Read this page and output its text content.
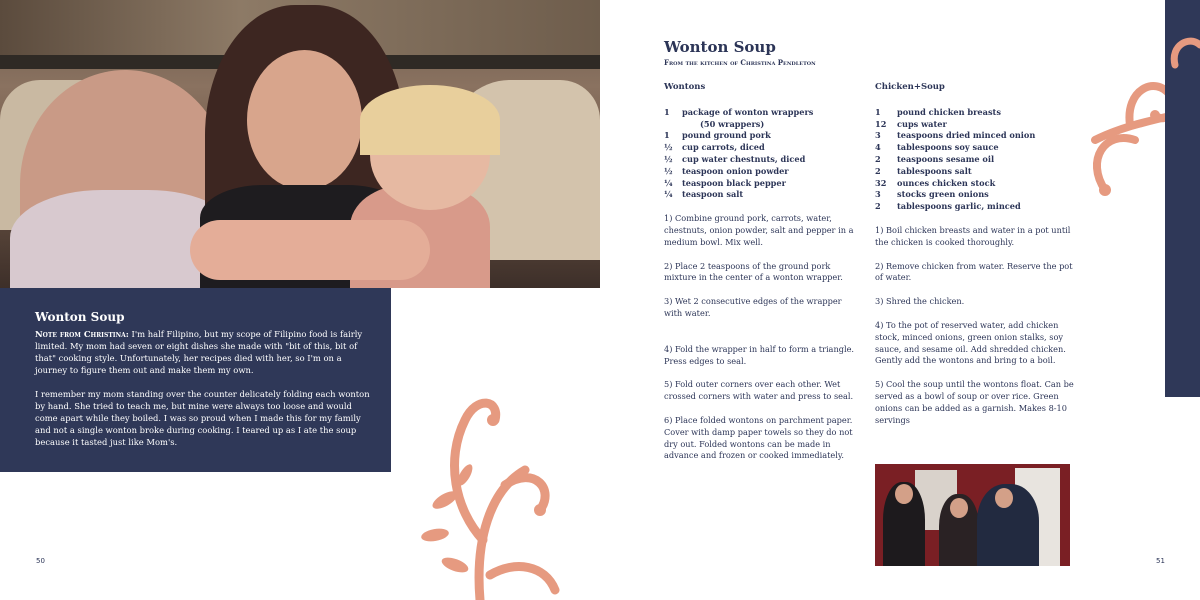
Wonton Soup

Note from Christina: I'm half Filipino, but my scope of Filipino food is fairly limited. My mom had seven or eight dishes she made with "bit of this, bit of that" cooking style. Unfortunately, her recipes died with her, so I'm on a journey to figure them out and make them my own.

I remember my mom standing over the counter delicately folding each wonton by hand. She tried to teach me, but mine were always too loose and would come apart while they boiled. I was so proud when I made this for my family and not a single wonton broke during cooking. I teared up as I ate the soup because it tasted just like Mom's.

50
Wonton Soup

From the kitchen of Christina Pendleton

Wontons
1	package of wonton wrappers
(50 wrappers)
1	pound ground pork
½	cup carrots, diced
½	cup water chestnuts, diced
½	teaspoon onion powder
¼	teaspoon black pepper
¼	teaspoon salt

1) Combine ground pork, carrots, water, chestnuts, onion powder, salt and pepper in a medium bowl. Mix well.

2) Place 2 teaspoons of the ground pork mixture in the center of a wonton wrapper.

3) Wet 2 consecutive edges of the wrapper with water.

4) Fold the wrapper in half to form a triangle. Press edges to seal.

5) Fold outer corners over each other. Wet crossed corners with water and press to seal.

6) Place folded wontons on parchment paper. Cover with damp paper towels so they do not dry out. Folded wontons can be made in advance and frozen or cooked immediately.

Chicken+Soup
1	pound chicken breasts
12	cups water
3	teaspoons dried minced onion
4	tablespoons soy sauce
2	teaspoons sesame oil
2	tablespoons salt
32	ounces chicken stock
3	stocks green onions
2	tablespoons garlic, minced

1) Boil chicken breasts and water in a pot until the chicken is cooked thoroughly.

2) Remove chicken from water. Reserve the pot of water.

3) Shred the chicken.

4) To the pot of reserved water, add chicken stock, minced onions, green onion stalks, soy sauce, and sesame oil. Add shredded chicken. Gently add the wontons and bring to a boil.

5) Cool the soup until the wontons float. Can be served as a bowl of soup or over rice. Green onions can be added as a garnish. Makes 8-10 servings

51
